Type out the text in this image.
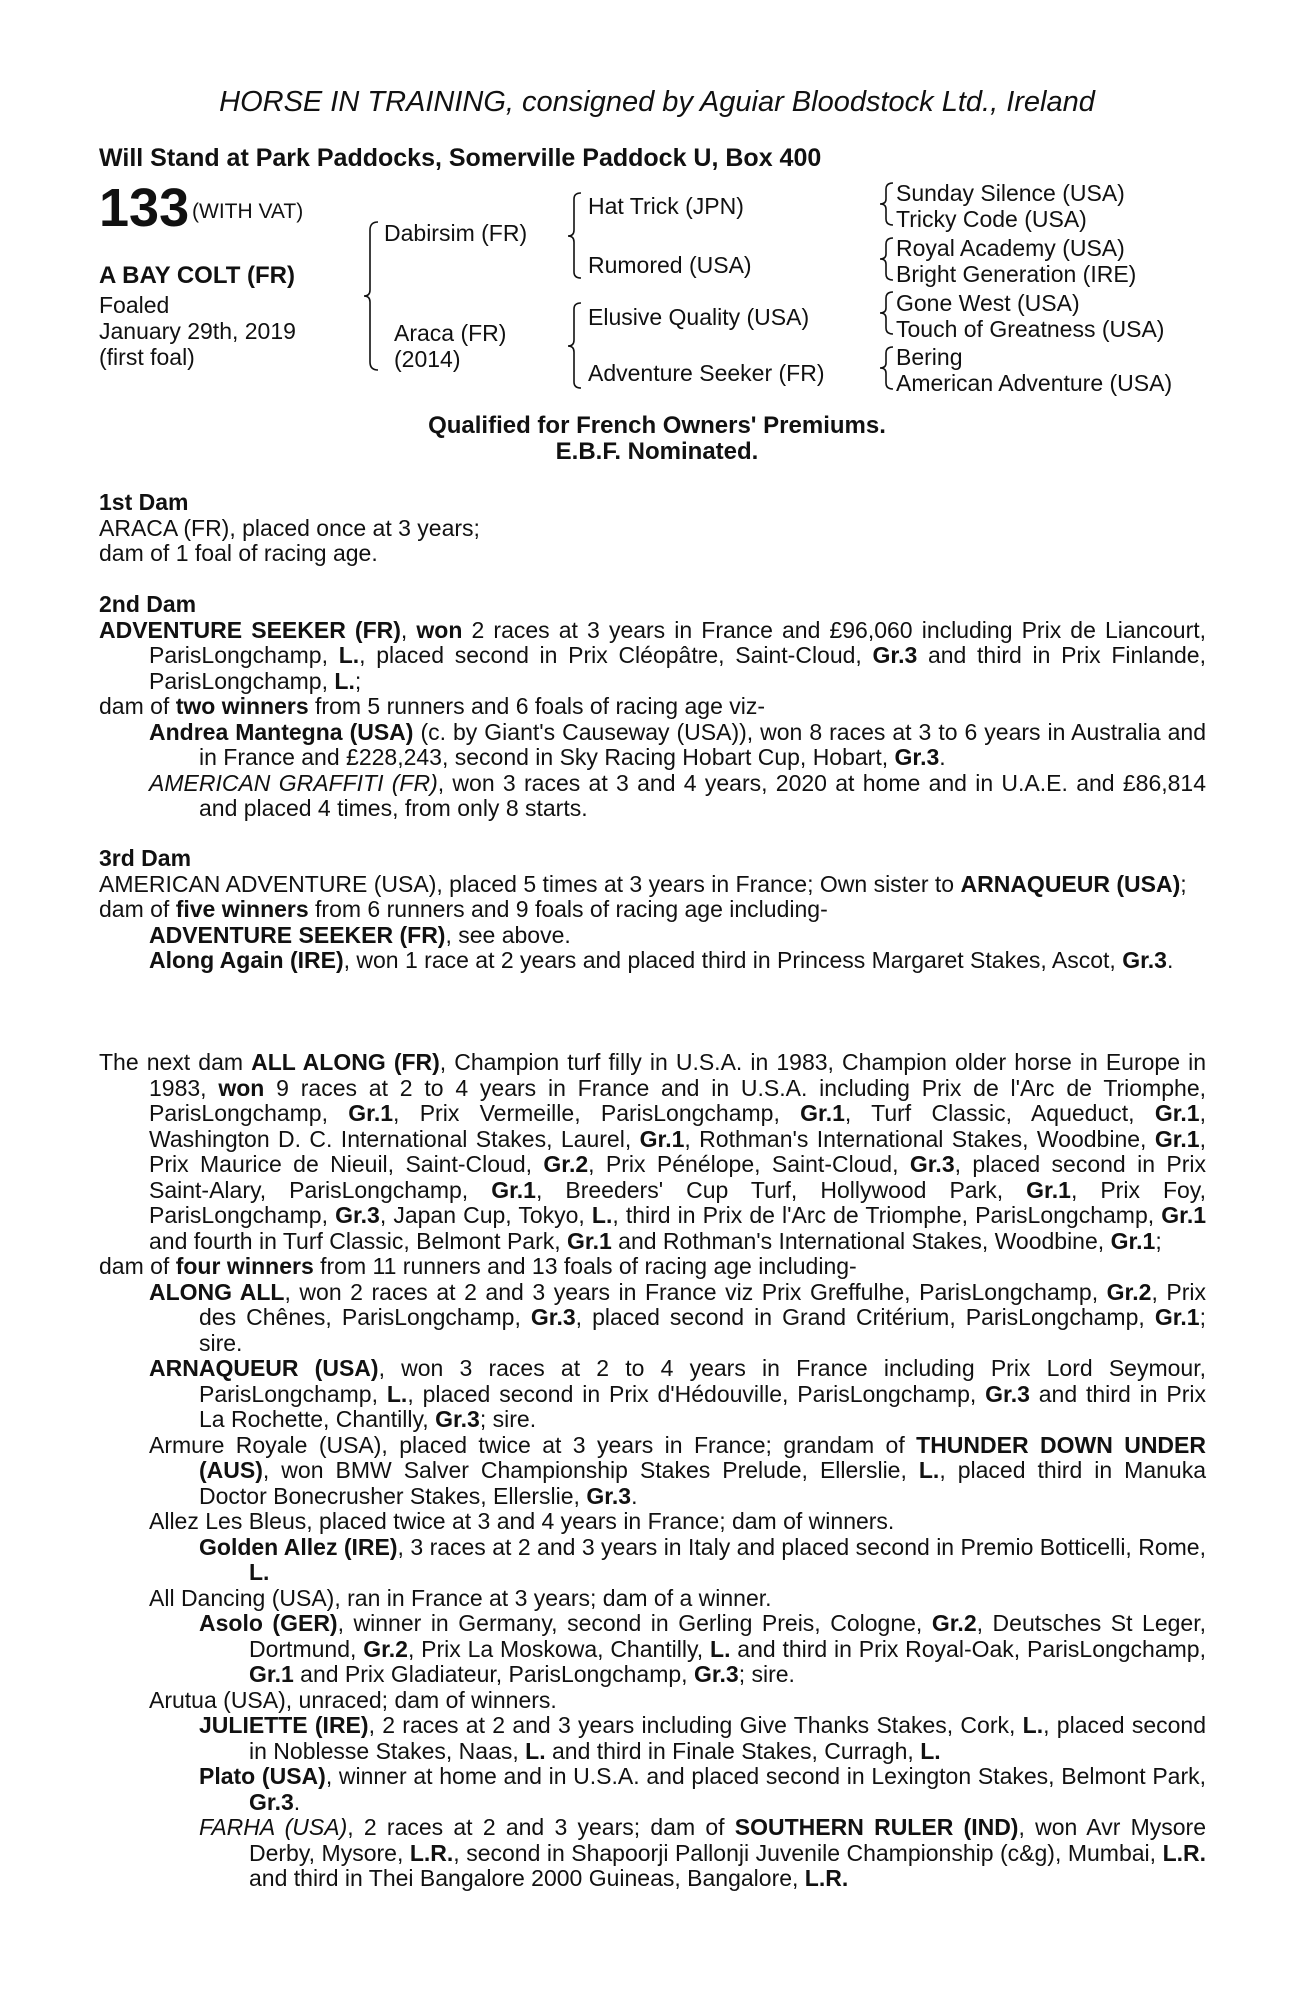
HORSE IN TRAINING, consigned by Aguiar Bloodstock Ltd., Ireland
Will Stand at Park Paddocks, Somerville Paddock U, Box 400
133 (WITH VAT)
A BAY COLT (FR)
Foaled
January 29th, 2019
(first foal)
Dabirsim (FR)
Araca (FR)
(2014)
Hat Trick (JPN)
Rumored (USA)
Elusive Quality (USA)
Adventure Seeker (FR)
Sunday Silence (USA)
Tricky Code (USA)
Royal Academy (USA)
Bright Generation (IRE)
Gone West (USA)
Touch of Greatness (USA)
Bering
American Adventure (USA)
Qualified for French Owners' Premiums.
E.B.F. Nominated.

1st Dam

ARACA (FR), placed once at 3 years;

dam of 1 foal of racing age.

2nd Dam

ADVENTURE SEEKER (FR), won 2 races at 3 years in France and £96,060 including Prix de Liancourt, ParisLongchamp, L., placed second in Prix Cléopâtre, Saint-Cloud, Gr.3 and third in Prix Finlande, ParisLongchamp, L.;

dam of two winners from 5 runners and 6 foals of racing age viz-

Andrea Mantegna (USA) (c. by Giant's Causeway (USA)), won 8 races at 3 to 6 years in Australia and in France and £228,243, second in Sky Racing Hobart Cup, Hobart, Gr.3.

AMERICAN GRAFFITI (FR), won 3 races at 3 and 4 years, 2020 at home and in U.A.E. and £86,814 and placed 4 times, from only 8 starts.

3rd Dam

AMERICAN ADVENTURE (USA), placed 5 times at 3 years in France; Own sister to ARNAQUEUR (USA);

dam of five winners from 6 runners and 9 foals of racing age including-

ADVENTURE SEEKER (FR), see above.

Along Again (IRE), won 1 race at 2 years and placed third in Princess Margaret Stakes, Ascot, Gr.3.

The next dam ALL ALONG (FR), Champion turf filly in U.S.A. in 1983, Champion older horse in Europe in 1983, won 9 races at 2 to 4 years in France and in U.S.A. including Prix de l'Arc de Triomphe, ParisLongchamp, Gr.1, Prix Vermeille, ParisLongchamp, Gr.1, Turf Classic, Aqueduct, Gr.1, Washington D. C. International Stakes, Laurel, Gr.1, Rothman's International Stakes, Woodbine, Gr.1, Prix Maurice de Nieuil, Saint-Cloud, Gr.2, Prix Pénélope, Saint-Cloud, Gr.3, placed second in Prix Saint-Alary, ParisLongchamp, Gr.1, Breeders' Cup Turf, Hollywood Park, Gr.1, Prix Foy, ParisLongchamp, Gr.3, Japan Cup, Tokyo, L., third in Prix de l'Arc de Triomphe, ParisLongchamp, Gr.1 and fourth in Turf Classic, Belmont Park, Gr.1 and Rothman's International Stakes, Woodbine, Gr.1;

dam of four winners from 11 runners and 13 foals of racing age including-

ALONG ALL, won 2 races at 2 and 3 years in France viz Prix Greffulhe, ParisLongchamp, Gr.2, Prix des Chênes, ParisLongchamp, Gr.3, placed second in Grand Critérium, ParisLongchamp, Gr.1; sire.

ARNAQUEUR (USA), won 3 races at 2 to 4 years in France including Prix Lord Seymour, ParisLongchamp, L., placed second in Prix d'Hédouville, ParisLongchamp, Gr.3 and third in Prix La Rochette, Chantilly, Gr.3; sire.

Armure Royale (USA), placed twice at 3 years in France; grandam of THUNDER DOWN UNDER (AUS), won BMW Salver Championship Stakes Prelude, Ellerslie, L., placed third in Manuka Doctor Bonecrusher Stakes, Ellerslie, Gr.3.

Allez Les Bleus, placed twice at 3 and 4 years in France; dam of winners.

Golden Allez (IRE), 3 races at 2 and 3 years in Italy and placed second in Premio Botticelli, Rome, L.

All Dancing (USA), ran in France at 3 years; dam of a winner.

Asolo (GER), winner in Germany, second in Gerling Preis, Cologne, Gr.2, Deutsches St Leger, Dortmund, Gr.2, Prix La Moskowa, Chantilly, L. and third in Prix Royal-Oak, ParisLongchamp, Gr.1 and Prix Gladiateur, ParisLongchamp, Gr.3; sire.

Arutua (USA), unraced; dam of winners.

JULIETTE (IRE), 2 races at 2 and 3 years including Give Thanks Stakes, Cork, L., placed second in Noblesse Stakes, Naas, L. and third in Finale Stakes, Curragh, L.

Plato (USA), winner at home and in U.S.A. and placed second in Lexington Stakes, Belmont Park, Gr.3.

FARHA (USA), 2 races at 2 and 3 years; dam of SOUTHERN RULER (IND), won Avr Mysore Derby, Mysore, L.R., second in Shapoorji Pallonji Juvenile Championship (c&g), Mumbai, L.R. and third in Thei Bangalore 2000 Guineas, Bangalore, L.R.
